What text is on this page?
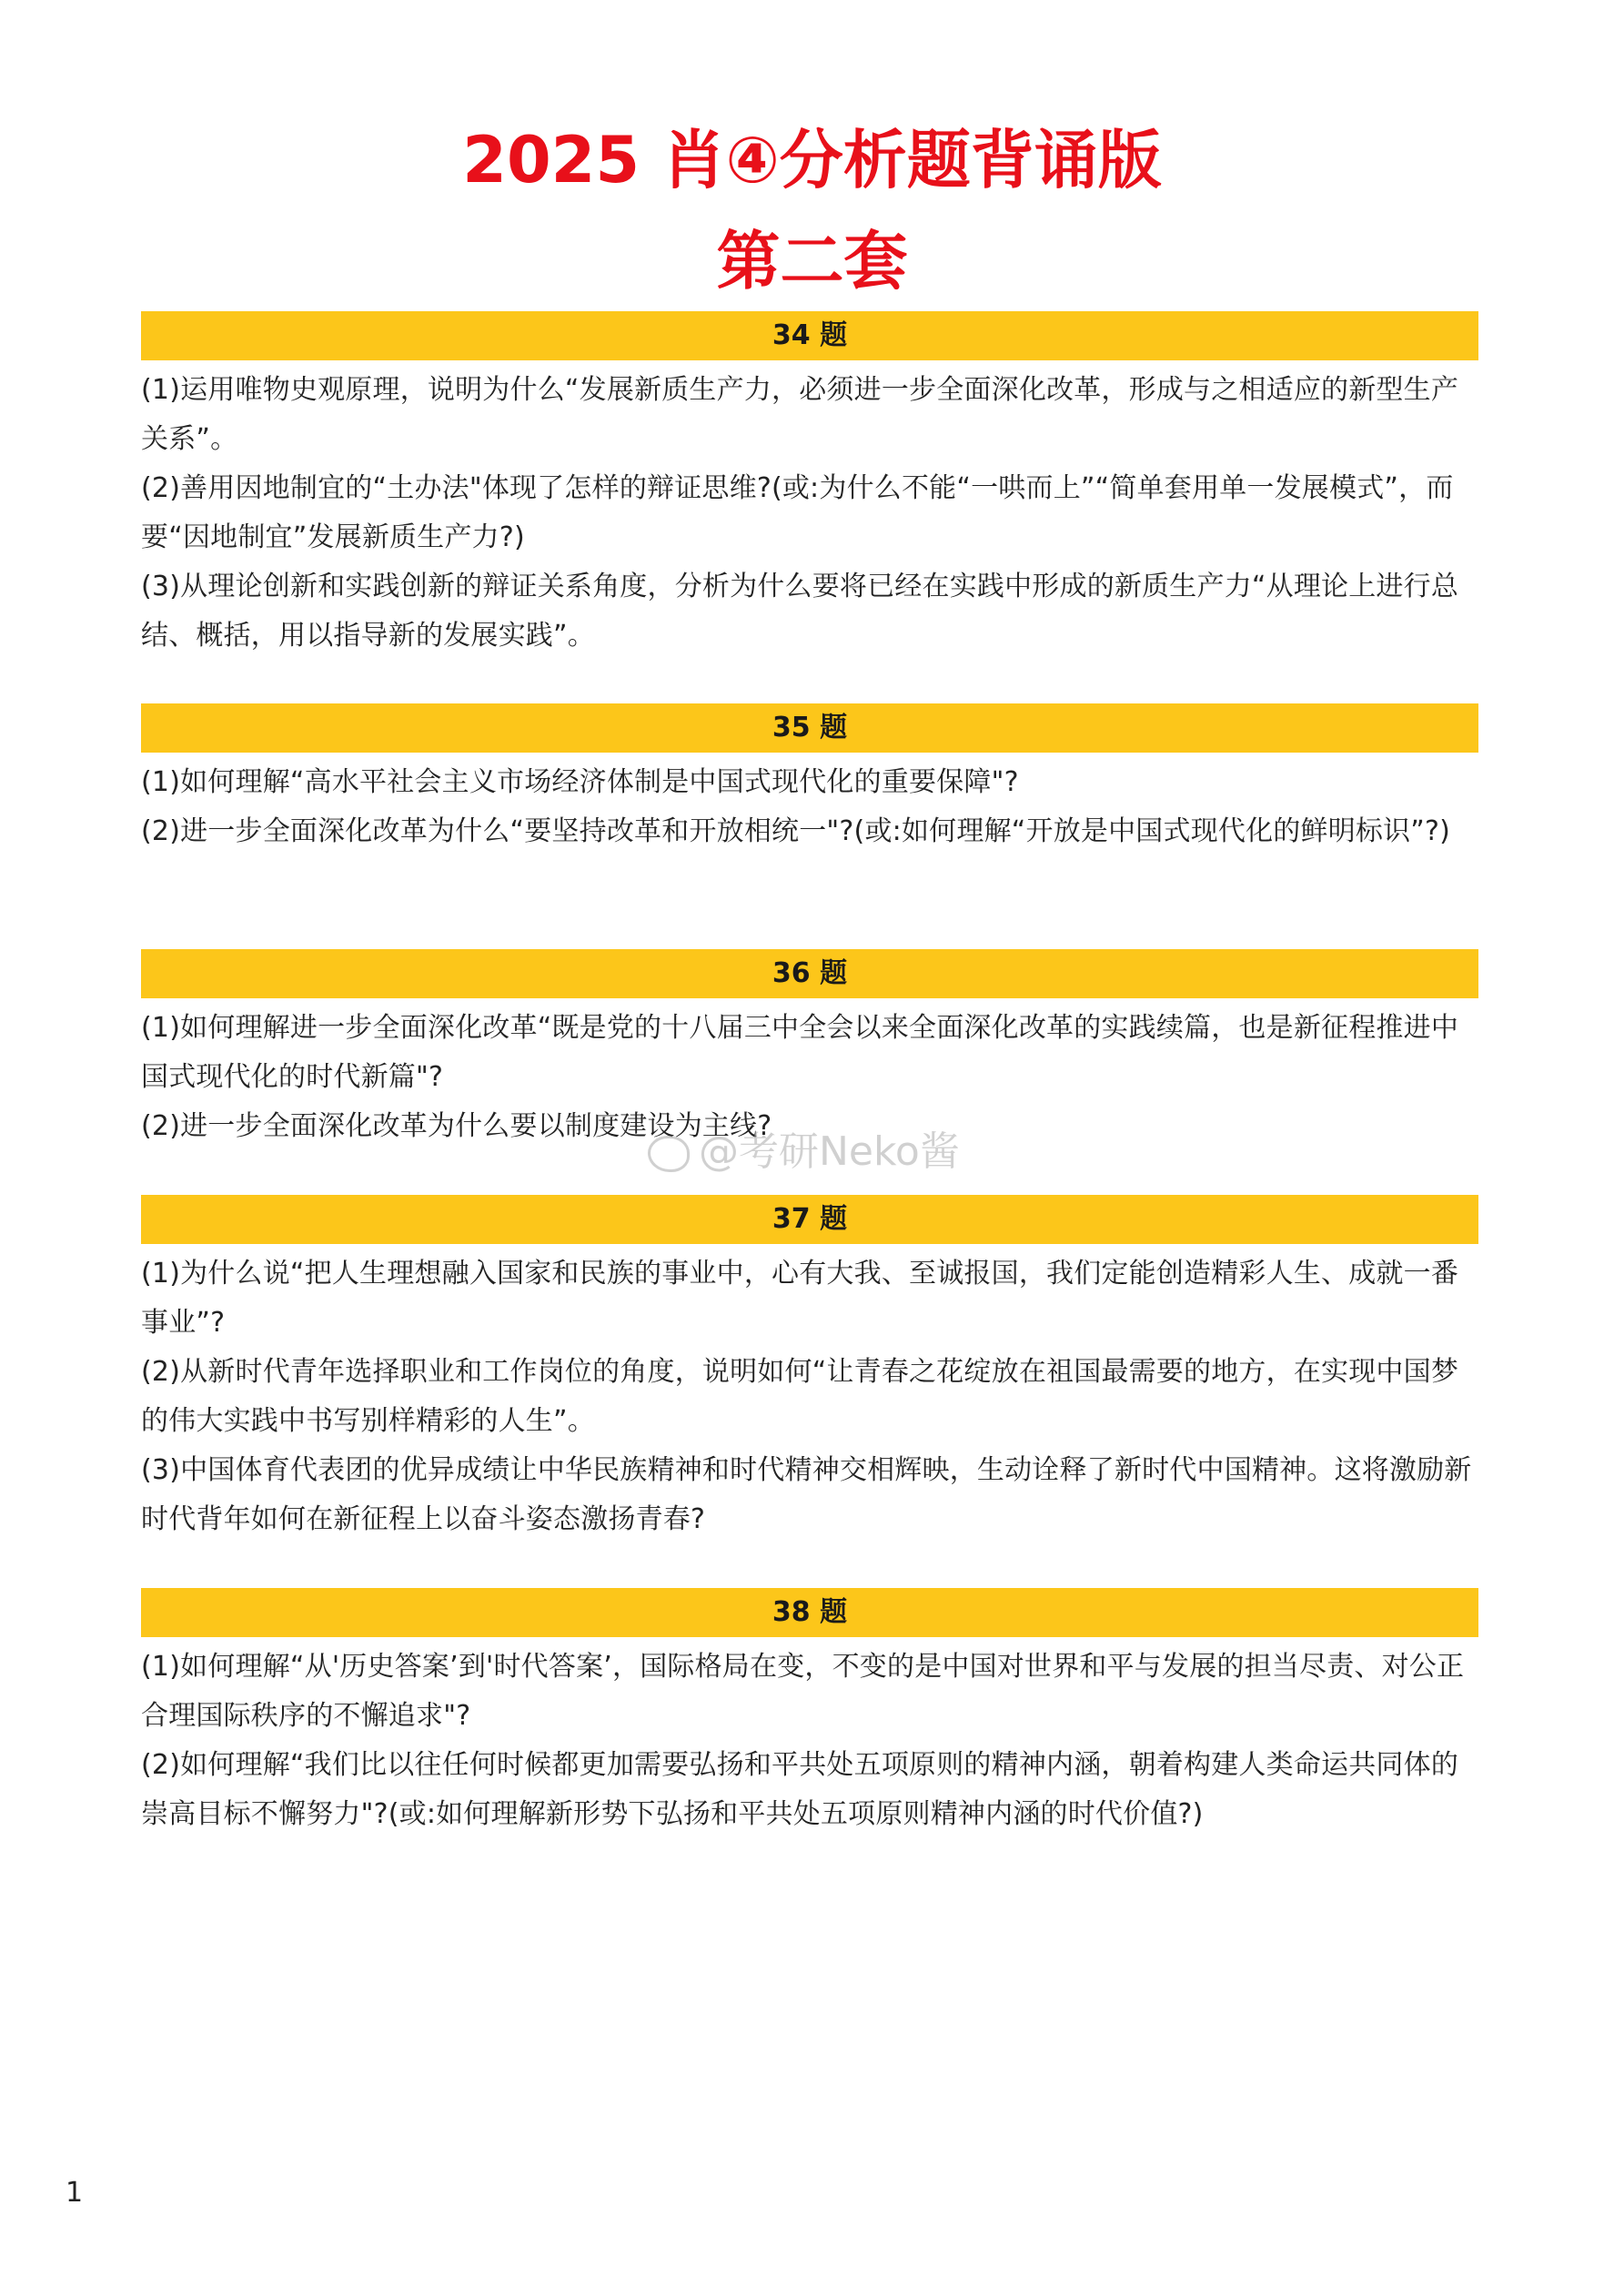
2025 肖④分析题背诵版
第二套
34 题

(1)运用唯物史观原理，说明为什么“发展新质生产力，必须进一步全面深化改革，形成与之相适应的新型生产关系”。

(2)善用因地制宜的“土办法"体现了怎样的辩证思维?(或:为什么不能“一哄而上”“简单套用单一发展模式”，而要“因地制宜”发展新质生产力?)

(3)从理论创新和实践创新的辩证关系角度，分析为什么要将已经在实践中形成的新质生产力“从理论上进行总结、概括，用以指导新的发展实践”。

35 题

(1)如何理解“高水平社会主义市场经济体制是中国式现代化的重要保障"?

(2)进一步全面深化改革为什么“要坚持改革和开放相统一"?(或:如何理解“开放是中国式现代化的鲜明标识”?)

36 题

(1)如何理解进一步全面深化改革“既是党的十八届三中全会以来全面深化改革的实践续篇，也是新征程推进中国式现代化的时代新篇"?

(2)进一步全面深化改革为什么要以制度建设为主线?

37 题

(1)为什么说“把人生理想融入国家和民族的事业中，心有大我、至诚报国，我们定能创造精彩人生、成就一番事业”?

(2)从新时代青年选择职业和工作岗位的角度，说明如何“让青春之花绽放在祖国最需要的地方，在实现中国梦的伟大实践中书写别样精彩的人生”。

(3)中国体育代表团的优异成绩让中华民族精神和时代精神交相辉映，生动诠释了新时代中国精神。这将激励新时代背年如何在新征程上以奋斗姿态激扬青春?

38 题

(1)如何理解“从'历史答案’到'时代答案’，国际格局在变，不变的是中国对世界和平与发展的担当尽责、对公正合理国际秩序的不懈追求"?

(2)如何理解“我们比以往任何时候都更加需要弘扬和平共处五项原则的精神内涵，朝着构建人类命运共同体的崇高目标不懈努力"?(或:如何理解新形势下弘扬和平共处五项原则精神内涵的时代价值?)

@考研Neko酱
1
